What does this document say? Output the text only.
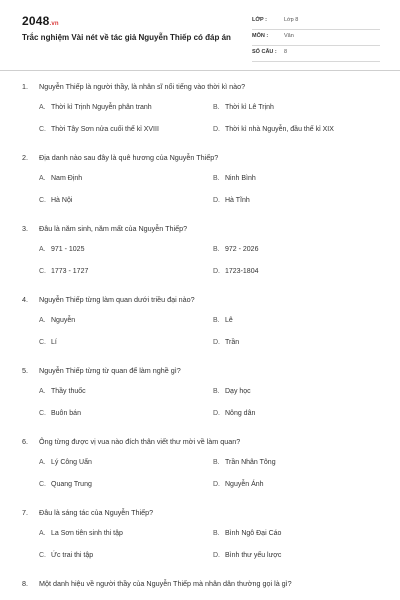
2048.vn
Trắc nghiệm Vài nét về tác giả Nguyễn Thiếp có đáp án
LỚP :	Lớp 8
MÔN :	Văn
SỐ CÂU : 8
1. Nguyễn Thiếp là người thầy, là nhân sĩ nổi tiếng vào thời kì nào?
A. Thời kì Trịnh Nguyễn phân tranh	B. Thời kì Lê Trịnh
C. Thời Tây Sơn nửa cuối thế kỉ XVIII	D. Thời kì nhà Nguyễn, đầu thế kỉ XIX
2. Địa danh nào sau đây là quê hương của Nguyễn Thiếp?
A. Nam Định	B. Ninh Bình
C. Hà Nội	D. Hà Tĩnh
3. Đâu là năm sinh, năm mất của Nguyễn Thiếp?
A. 971 - 1025	B. 972 - 2026
C. 1773 - 1727	D. 1723-1804
4. Nguyễn Thiếp từng làm quan dưới triều đại nào?
A. Nguyễn	B. Lê
C. Lí	D. Trần
5. Nguyễn Thiếp từng từ quan để làm nghề gì?
A. Thầy thuốc	B. Dạy học
C. Buôn bán	D. Nông dân
6. Ông từng được vị vua nào đích thân viết thư mời về làm quan?
A. Lý Công Uẩn	B. Trần Nhân Tông
C. Quang Trung	D. Nguyễn Ánh
7. Đâu là sáng tác của Nguyễn Thiếp?
A. La Sơn tiên sinh thi tập	B. Bình Ngô Đại Cáo
C. Ức trai thi tập	D. Bình thư yếu lược
8. Một danh hiệu về người thầy của Nguyễn Thiếp mà nhân dân thường gọi là gì?
